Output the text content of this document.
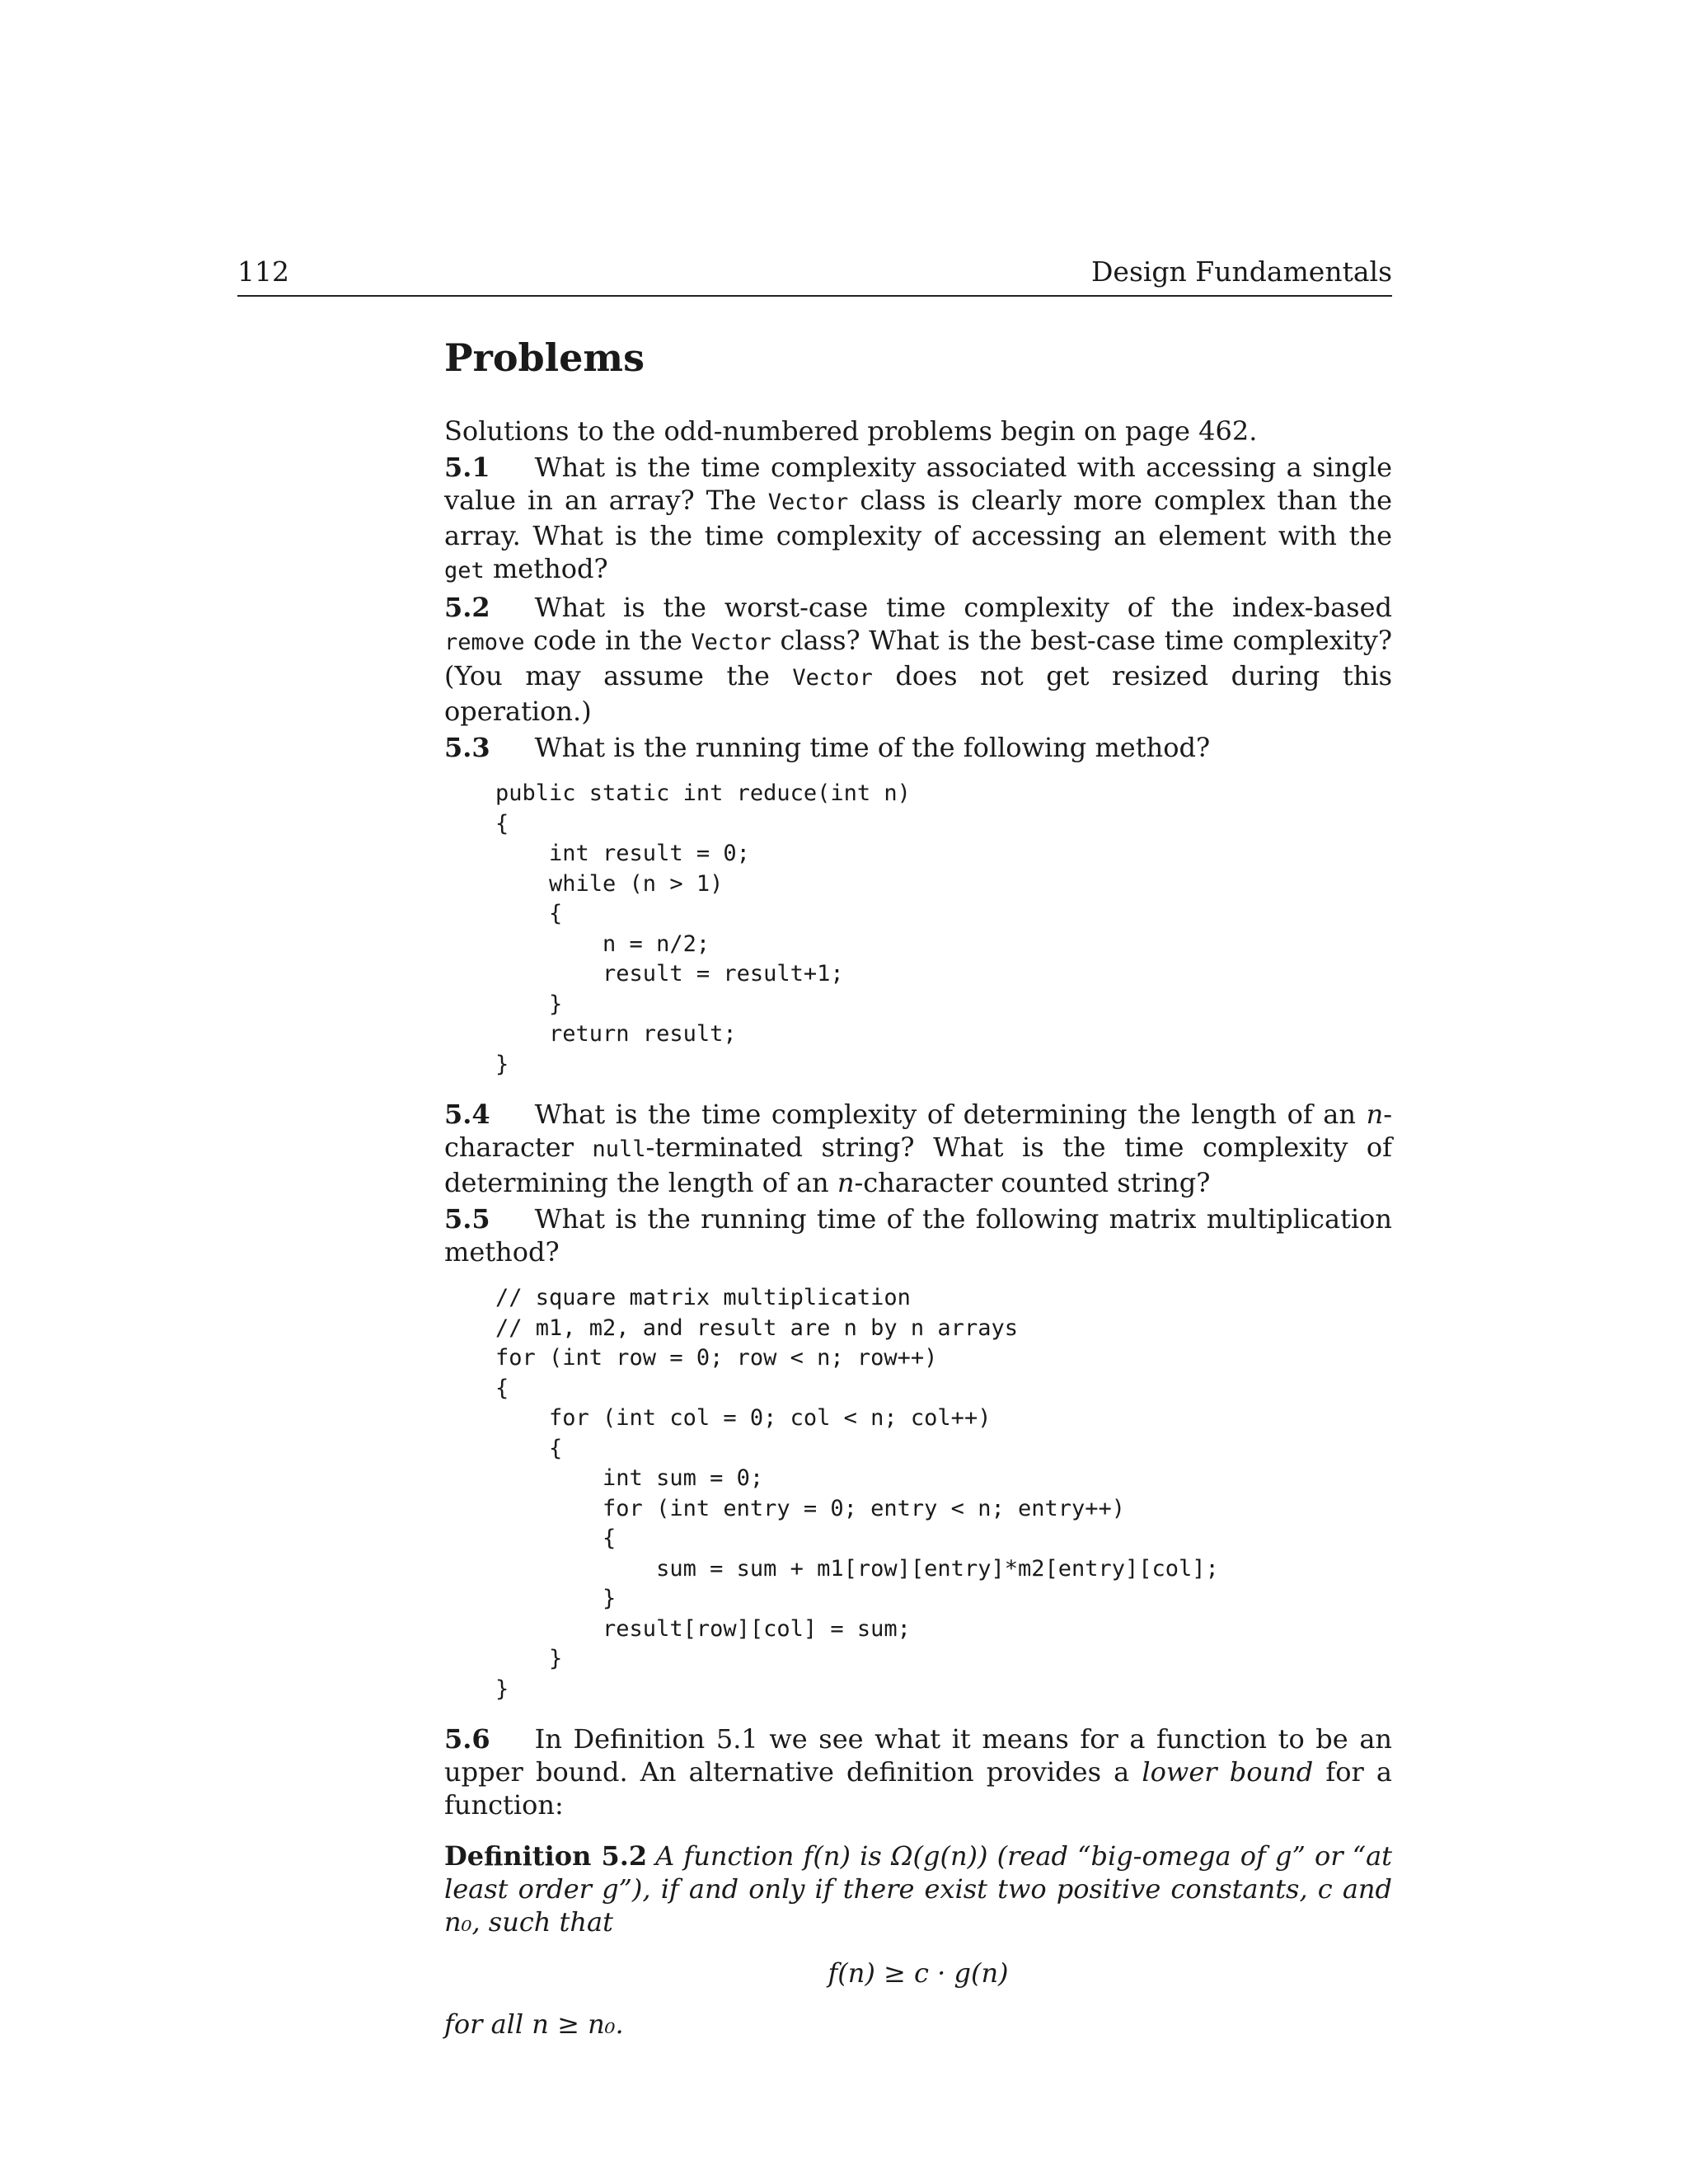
112	Design Fundamentals
Problems

Solutions to the odd-numbered problems begin on page 462.

5.1 What is the time complexity associated with accessing a single value in an array? The Vector class is clearly more complex than the array. What is the time complexity of accessing an element with the get method?

5.2 What is the worst-case time complexity of the index-based remove code in the Vector class? What is the best-case time complexity? (You may assume the Vector does not get resized during this operation.)

5.3 What is the running time of the following method?

public static int reduce(int n)
{
int result = 0;
while (n > 1)
{
n = n/2;
result = result+1;
}
return result;
}

5.4 What is the time complexity of determining the length of an n-character null-terminated string? What is the time complexity of determining the length of an n-character counted string?

5.5 What is the running time of the following matrix multiplication method?

// square matrix multiplication
// m1, m2, and result are n by n arrays
for (int row = 0; row < n; row++)
{
for (int col = 0; col < n; col++)
{
int sum = 0;
for (int entry = 0; entry < n; entry++)
{
sum = sum + m1[row][entry]*m2[entry][col];
}
result[row][col] = sum;
}
}

5.6 In Definition 5.1 we see what it means for a function to be an upper bound. An alternative definition provides a lower bound for a function:

Definition 5.2 A function f(n) is Ω(g(n)) (read “big-omega of g” or “at least order g”), if and only if there exist two positive constants, c and n₀, such that

f(n) ≥ c · g(n)
for all n ≥ n₀.
